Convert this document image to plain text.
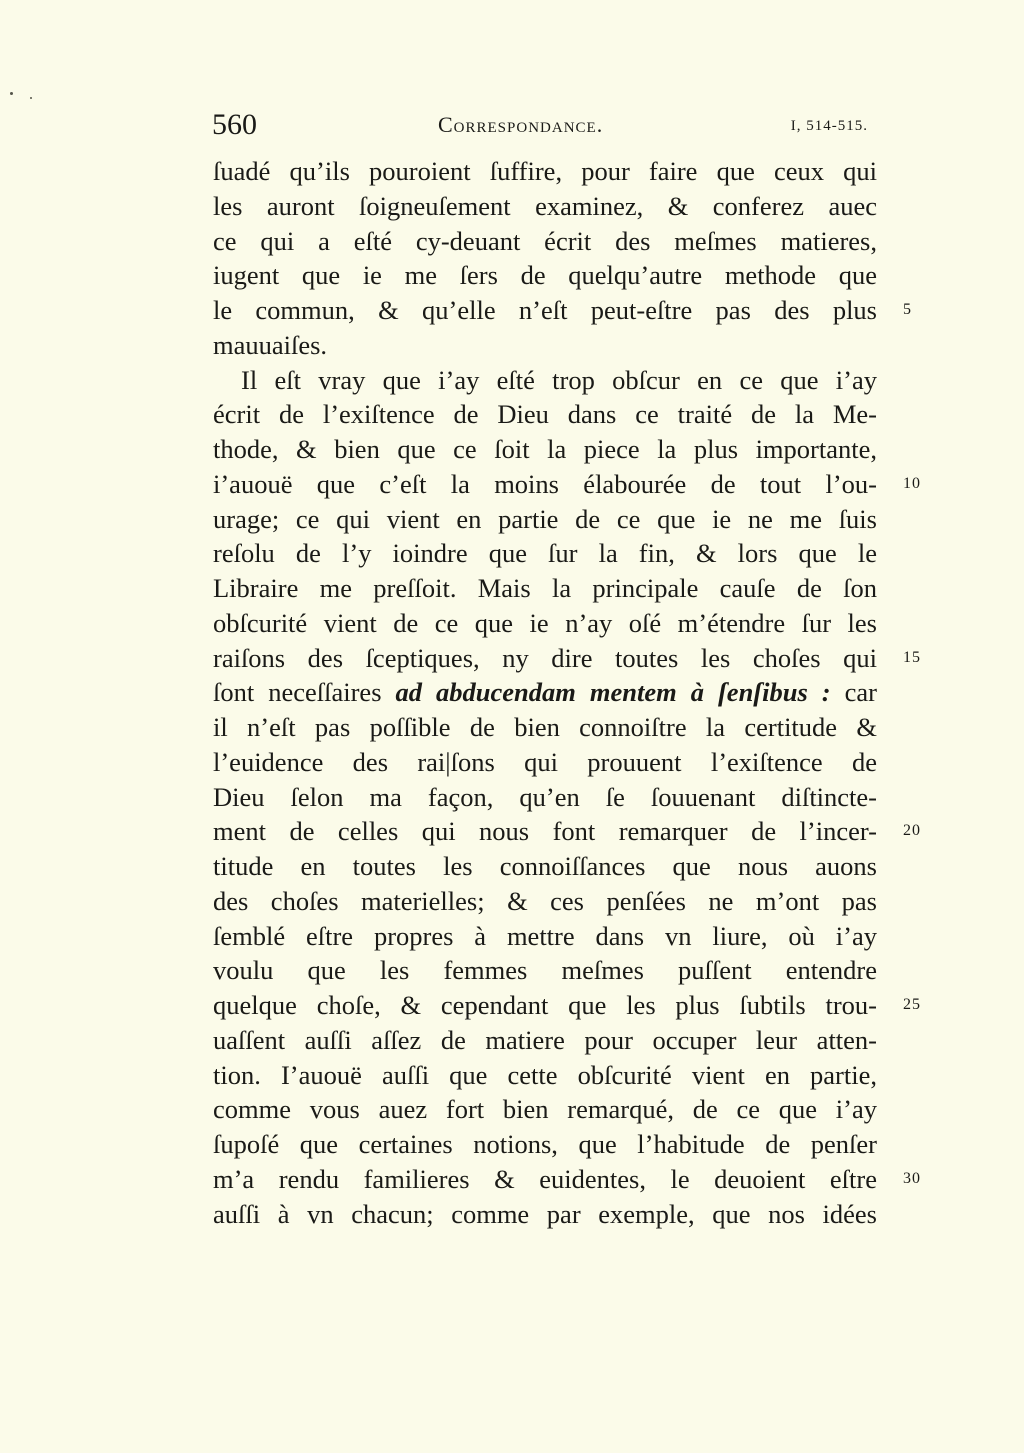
560	Correspondance.	I, 514-515.
ſuadé qu’ils pouroient ſuffire, pour faire que ceux qui
les auront ſoigneuſement examinez, & conferez auec
ce qui a eſté cy-deuant écrit des meſmes matieres,
iugent que ie me ſers de quelqu’autre methode que
le commun, & qu’elle n’eſt peut-eſtre pas des plus 5
mauuaiſes.
Il eſt vray que i’ay eſté trop obſcur en ce que i’ay
écrit de l’exiſtence de Dieu dans ce traité de la Me-
thode, & bien que ce ſoit la piece la plus importante,
i’auouë que c’eſt la moins élabourée de tout l’ou- 10
urage; ce qui vient en partie de ce que ie ne me ſuis
reſolu de l’y ioindre que ſur la fin, & lors que le
Libraire me preſſoit. Mais la principale cauſe de ſon
obſcurité vient de ce que ie n’ay oſé m’étendre ſur les
raiſons des ſceptiques, ny dire toutes les choſes qui 15
ſont neceſſaires ad abducendam mentem à ſenſibus : car
il n’eſt pas poſſible de bien connoiſtre la certitude &
l’euidence des rai|ſons qui prouuent l’exiſtence de
Dieu ſelon ma façon, qu’en ſe ſouuenant diſtinctе-
ment de celles qui nous font remarquer de l’incer- 20
titude en toutes les connoiſſances que nous auons
des choſes materielles; & ces penſées ne m’ont pas
ſemblé eſtre propres à mettre dans vn liure, où i’ay
voulu que les femmes meſmes puſſent entendre
quelque choſe, & cependant que les plus ſubtils trou- 25
uaſſent auſſi aſſez de matiere pour occuper leur atten-
tion. I’auouë auſſi que cette obſcurité vient en partie,
comme vous auez fort bien remarqué, de ce que i’ay
ſupoſé que certaines notions, que l’habitude de penſer
m’a rendu familieres & euidentes, le deuoient eſtre 30
auſſi à vn chacun; comme par exemple, que nos idées
